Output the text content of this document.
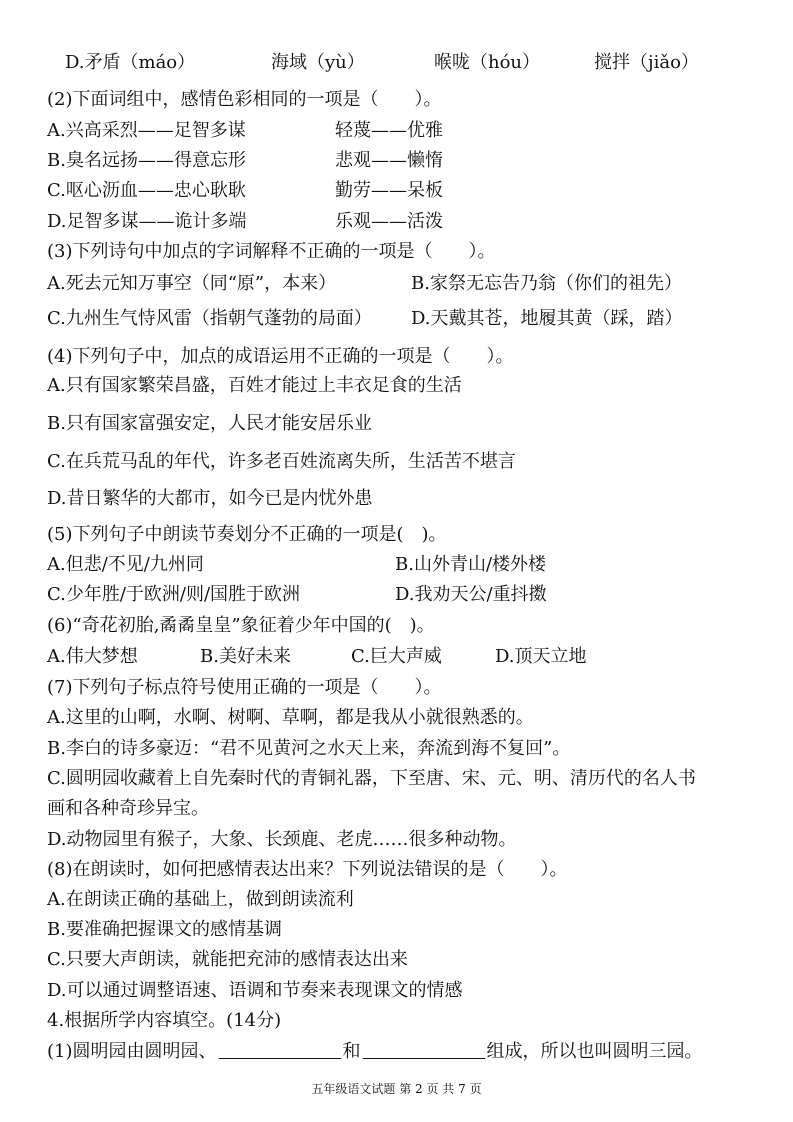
D.矛盾（máo）	海域（yù）	喉咙（hóu）	搅拌（jiǎo）
(2)下面词组中，感情色彩相同的一项是（　　）。
A.兴高采烈——足智多谋	轻蔑——优雅
B.臭名远扬——得意忘形	悲观——懒惰
C.呕心沥血——忠心耿耿	勤劳——呆板
D.足智多谋——诡计多端	乐观——活泼
(3)下列诗句中加点的字词解释不正确的一项是（　　）。
A.死去元知万事空（同“原”，本来）	B.家祭无忘告乃翁（你们的祖先）
C.九州生气恃风雷（指朝气蓬勃的局面） D.天戴其苍，地履其黄（踩，踏）
(4)下列句子中，加点的成语运用不正确的一项是（　　）。
A.只有国家繁荣昌盛，百姓才能过上丰衣足食的生活
B.只有国家富强安定，人民才能安居乐业
C.在兵荒马乱的年代，许多老百姓流离失所，生活苦不堪言
D.昔日繁华的大都市，如今已是内忧外患
(5)下列句子中朗读节奏划分不正确的一项是(　)。
A.但悲/不见/九州同	B.山外青山/楼外楼
C.少年胜/于欧洲/则/国胜于欧洲	D.我劝天公/重抖擞
(6)“奇花初胎,矞矞皇皇”象征着少年中国的(　)。
A.伟大梦想	B.美好未来	C.巨大声威	D.顶天立地
(7)下列句子标点符号使用正确的一项是（　　）。
A.这里的山啊，水啊、树啊、草啊，都是我从小就很熟悉的。
B.李白的诗多豪迈：“君不见黄河之水天上来，奔流到海不复回”。
C.圆明园收藏着上自先秦时代的青铜礼器，下至唐、宋、元、明、清历代的名人书
画和各种奇珍异宝。
D.动物园里有猴子，大象、长颈鹿、老虎……很多种动物。
(8)在朗读时，如何把感情表达出来？下列说法错误的是（　　）。
A.在朗读正确的基础上，做到朗读流利
B.要准确把握课文的感情基调
C.只要大声朗读，就能把充沛的感情表达出来
D.可以通过调整语速、语调和节奏来表现课文的情感
4.根据所学内容填空。(14分)
(1)圆明园由圆明园、	和	组成，所以也叫圆明三园。
五年级语文试题 第 2 页 共 7 页
